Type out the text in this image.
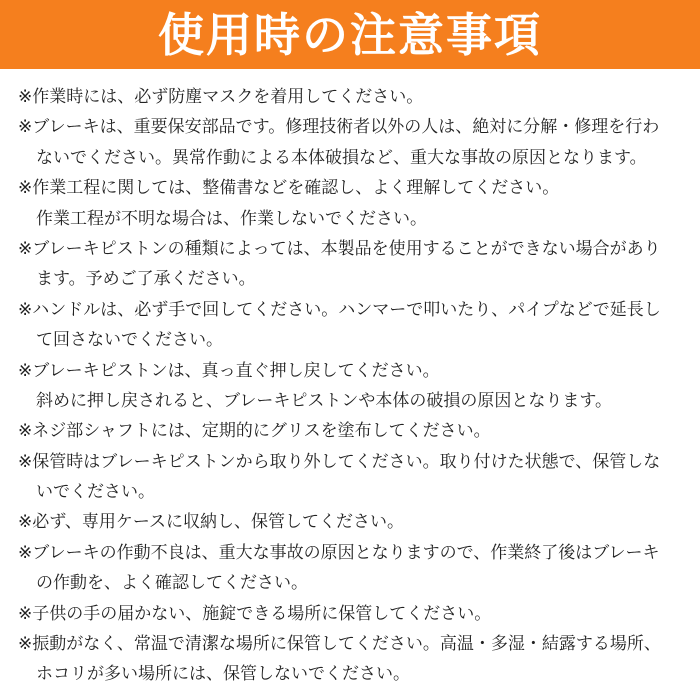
使用時の注意事項
※作業時には、必ず防塵マスクを着用してください。
※ブレーキは、重要保安部品です。修理技術者以外の人は、絶対に分解・修理を行わ
ないでください。異常作動による本体破損など、重大な事故の原因となります。
※作業工程に関しては、整備書などを確認し、よく理解してください。
作業工程が不明な場合は、作業しないでください。
※ブレーキピストンの種類によっては、本製品を使用することができない場合があり
ます。予めご了承ください。
※ハンドルは、必ず手で回してください。ハンマーで叩いたり、パイプなどで延長し
て回さないでください。
※ブレーキピストンは、真っ直ぐ押し戻してください。
斜めに押し戻されると、ブレーキピストンや本体の破損の原因となります。
※ネジ部シャフトには、定期的にグリスを塗布してください。
※保管時はブレーキピストンから取り外してください。取り付けた状態で、保管しな
いでください。
※必ず、専用ケースに収納し、保管してください。
※ブレーキの作動不良は、重大な事故の原因となりますので、作業終了後はブレーキ
の作動を、よく確認してください。
※子供の手の届かない、施錠できる場所に保管してください。
※振動がなく、常温で清潔な場所に保管してください。高温・多湿・結露する場所、
ホコリが多い場所には、保管しないでください。
